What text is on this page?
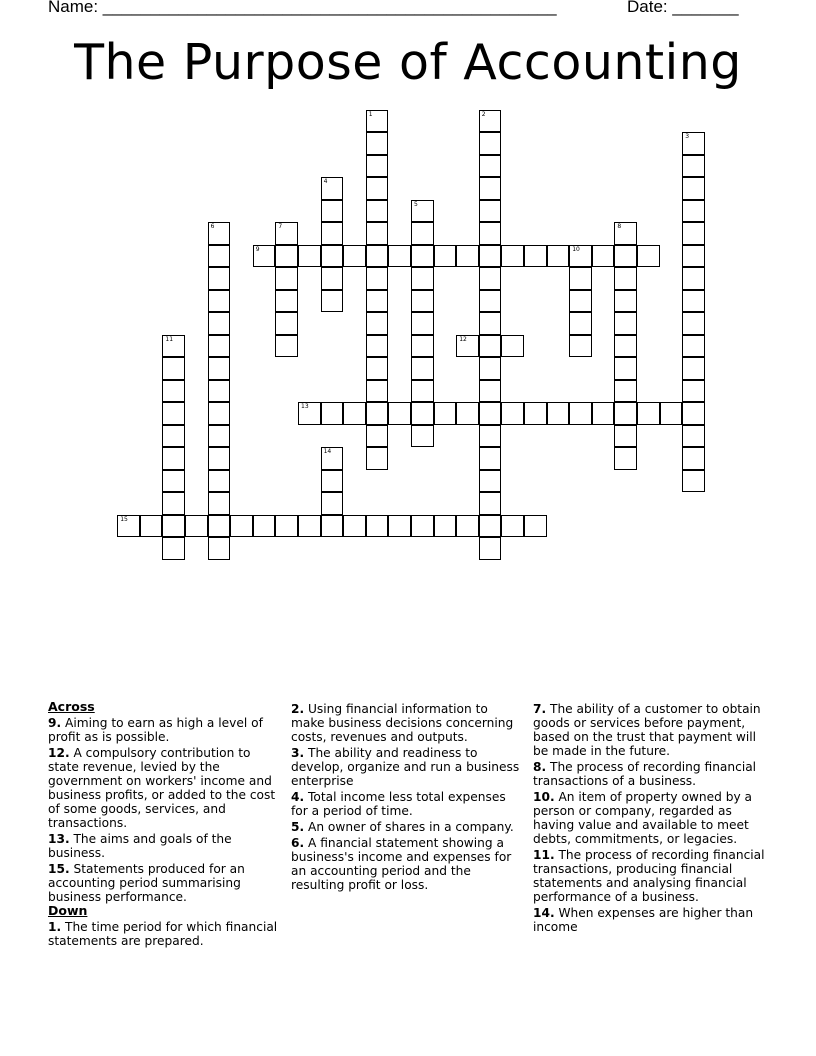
Name: ________________________________________________	Date: _______
The Purpose of Accounting
1	2
3
4
5
6	7	8
9	10
11	12
13
14
15
Across
9. Aiming to earn as high a level of profit as is possible.
12. A compulsory contribution to state revenue, levied by the government on workers' income and business profits, or added to the cost of some goods, services, and transactions.
13. The aims and goals of the business.
15. Statements produced for an accounting period summarising business performance.
Down
1. The time period for which financial statements are prepared.
2. Using financial information to make business decisions concerning costs, revenues and outputs.
3. The ability and readiness to develop, organize and run a business enterprise
4. Total income less total expenses for a period of time.
5. An owner of shares in a company.
6. A financial statement showing a business's income and expenses for an accounting period and the resulting profit or loss.
7. The ability of a customer to obtain goods or services before payment, based on the trust that payment will be made in the future.
8. The process of recording financial transactions of a business.
10. An item of property owned by a person or company, regarded as having value and available to meet debts, commitments, or legacies.
11. The process of recording financial transactions, producing financial statements and analysing financial performance of a business.
14. When expenses are higher than income
